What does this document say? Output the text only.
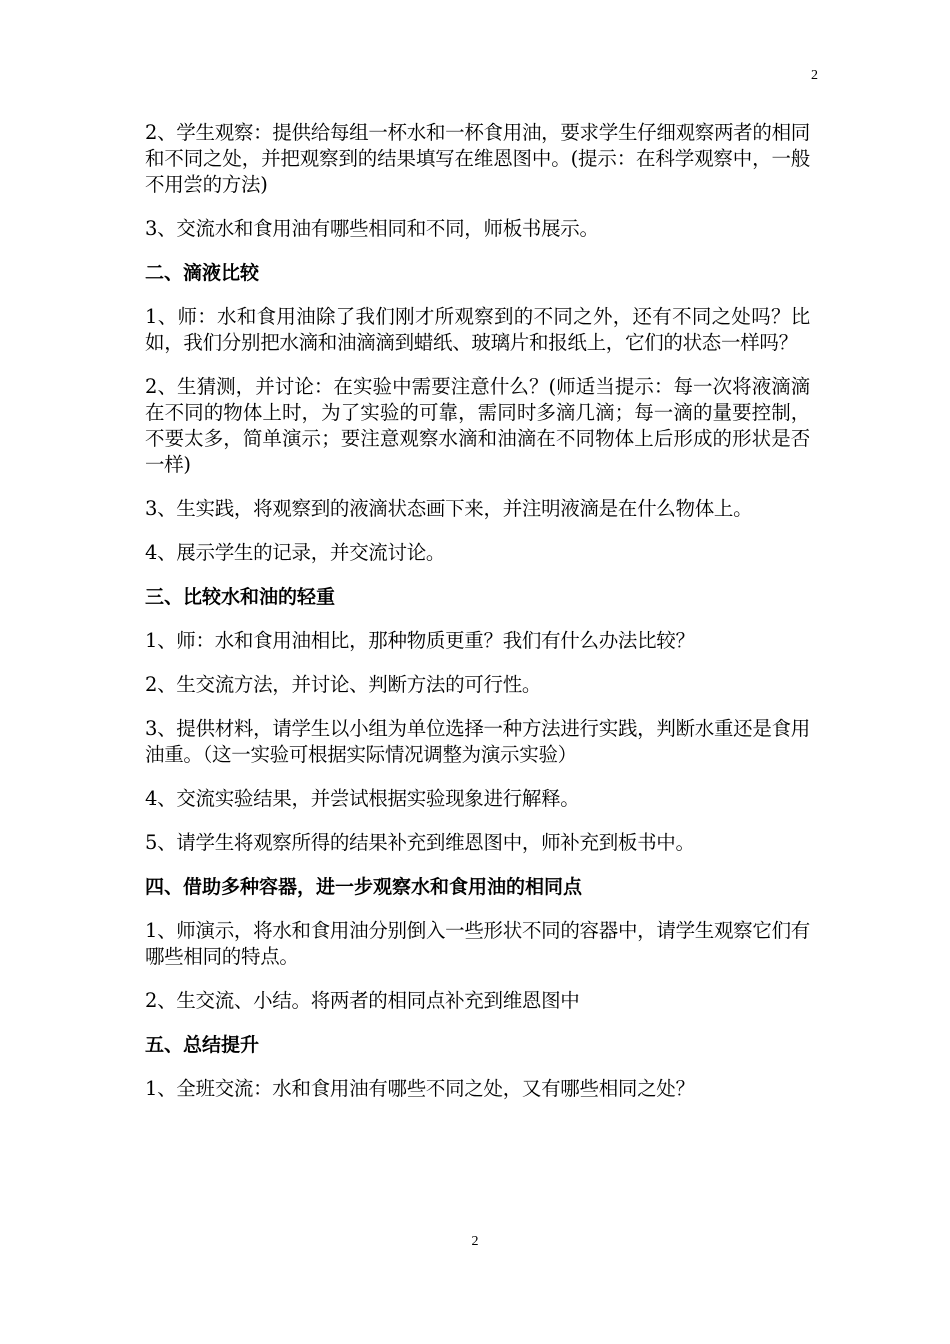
2

2、学生观察：提供给每组一杯水和一杯食用油，要求学生仔细观察两者的相同和不同之处，并把观察到的结果填写在维恩图中。(提示：在科学观察中，一般不用尝的方法)

3、交流水和食用油有哪些相同和不同，师板书展示。

二、滴液比较

1、师：水和食用油除了我们刚才所观察到的不同之外，还有不同之处吗？比如，我们分别把水滴和油滴滴到蜡纸、玻璃片和报纸上，它们的状态一样吗？

2、生猜测，并讨论：在实验中需要注意什么？(师适当提示：每一次将液滴滴在不同的物体上时，为了实验的可靠，需同时多滴几滴；每一滴的量要控制，不要太多，简单演示；要注意观察水滴和油滴在不同物体上后形成的形状是否一样)

3、生实践，将观察到的液滴状态画下来，并注明液滴是在什么物体上。

4、展示学生的记录，并交流讨论。

三、比较水和油的轻重

1、师：水和食用油相比，那种物质更重？我们有什么办法比较？

2、生交流方法，并讨论、判断方法的可行性。

3、提供材料，请学生以小组为单位选择一种方法进行实践，判断水重还是食用油重。（这一实验可根据实际情况调整为演示实验）

4、交流实验结果，并尝试根据实验现象进行解释。

5、请学生将观察所得的结果补充到维恩图中，师补充到板书中。

四、借助多种容器，进一步观察水和食用油的相同点

1、师演示，将水和食用油分别倒入一些形状不同的容器中，请学生观察它们有哪些相同的特点。

2、生交流、小结。将两者的相同点补充到维恩图中

五、总结提升

1、全班交流：水和食用油有哪些不同之处，又有哪些相同之处？

2
